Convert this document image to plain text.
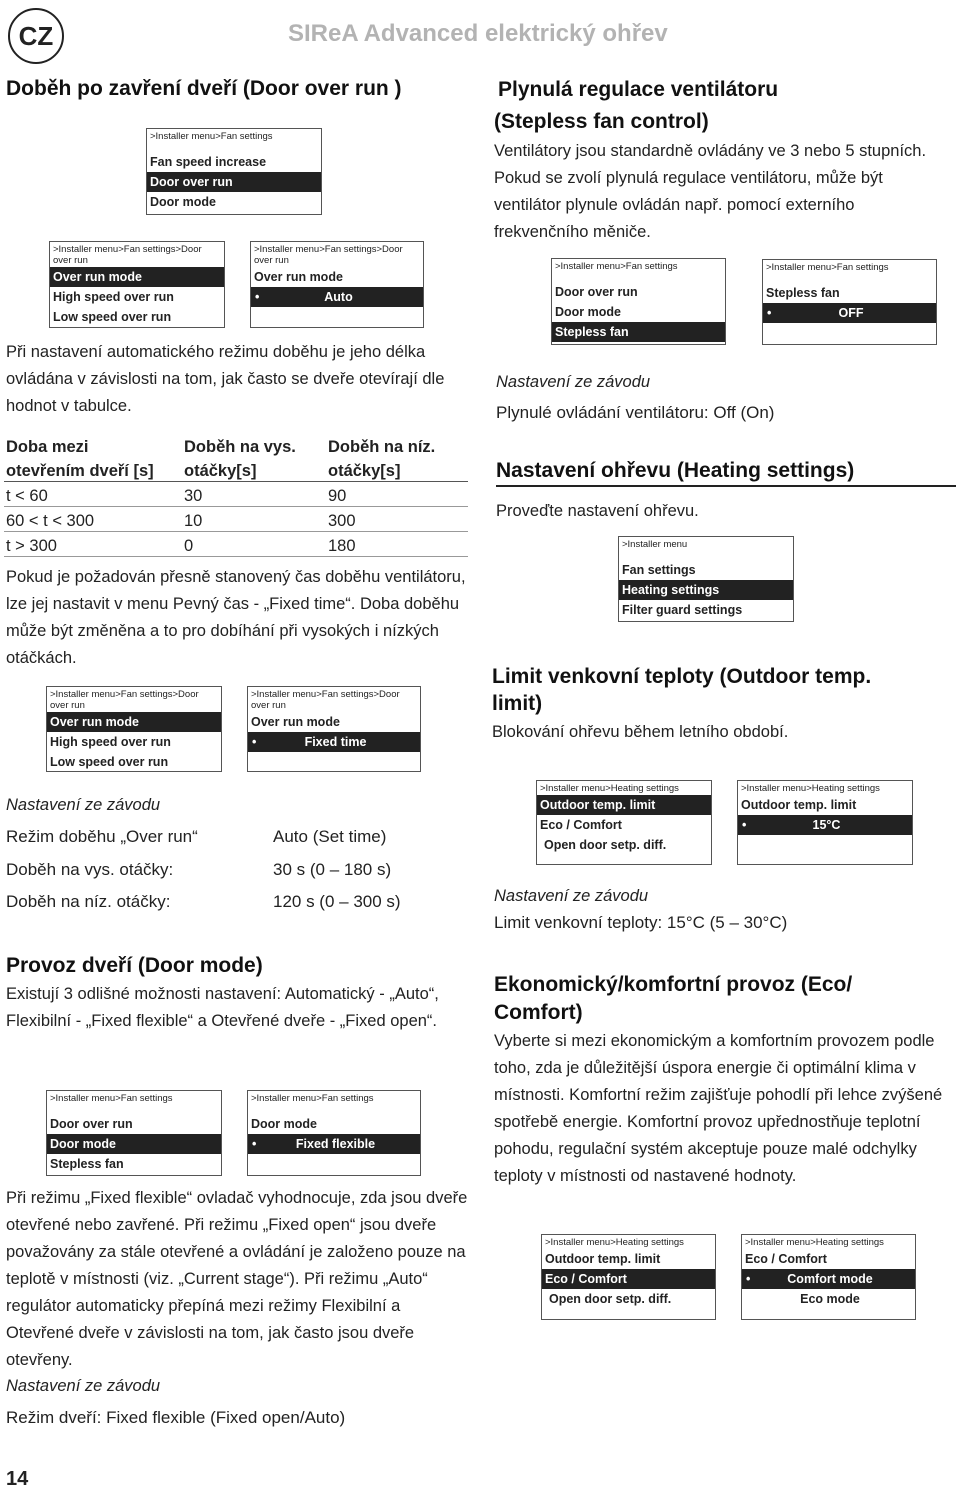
CZ	SIReA Advanced elektrický ohřev
Doběh po zavření dveří (Door over run )
>Installer menu>Fan settings
Fan speed increase
Door over run
Door mode
>Installer menu>Fan settings>Door over run
Over run mode
High speed over run
Low speed over run
>Installer menu>Fan settings>Door over run
Over run mode
• Auto
Při nastavení automatického režimu doběhu je jeho délka ovládána v závislosti na tom, jak často se dveře otevírají dle hodnot v tabulce.
Doba mezi	Doběh na vys.	Doběh na níz.
otevřením dveří [s]	otáčky[s]	otáčky[s]
t < 60	30	90
60 < t < 300	10	300
t > 300	0	180
Pokud je požadován přesně stanovený čas doběhu ventilátoru, lze jej nastavit v menu Pevný čas - „Fixed time“. Doba doběhu může být změněna a to pro dobíhání při vysokých i nízkých otáčkách.
>Installer menu>Fan settings>Door over run
Over run mode
High speed over run
Low speed over run
>Installer menu>Fan settings>Door over run
Over run mode
• Fixed time
Nastavení ze závodu
Režim doběhu „Over run“	Auto (Set time)
Doběh na vys. otáčky:	30 s (0 – 180 s)
Doběh na níz. otáčky:	120 s (0 – 300 s)
Provoz dveří (Door mode)
Existují 3 odlišné možnosti nastavení: Automatický - „Auto“, Flexibilní - „Fixed flexible“ a Otevřené dveře - „Fixed open“.
>Installer menu>Fan settings
Door over run
Door mode
Stepless fan
>Installer menu>Fan settings
Door mode
• Fixed flexible
Při režimu „Fixed flexible“ ovladač vyhodnocuje, zda jsou dveře otevřené nebo zavřené. Při režimu „Fixed open“ jsou dveře považovány za stále otevřené a ovládání je založeno pouze na teplotě v místnosti (viz. „Current stage“). Při režimu „Auto“ regulátor automaticky přepíná mezi režimy Flexibilní a Otevřené dveře v závislosti na tom, jak často jsou dveře otevřeny.
Nastavení ze závodu
Režim dveří: Fixed flexible (Fixed open/Auto)
Plynulá regulace ventilátoru
(Stepless fan control)
Ventilátory jsou standardně ovládány ve 3 nebo 5 stupních. Pokud se zvolí plynulá regulace ventilátoru, může být ventilátor plynule ovládán např. pomocí externího frekvenčního měniče.
>Installer menu>Fan settings
Door over run
Door mode
Stepless fan
>Installer menu>Fan settings
Stepless fan
• OFF
Nastavení ze závodu
Plynulé ovládání ventilátoru: Off (On)
Nastavení ohřevu (Heating settings)
Proveďte nastavení ohřevu.
>Installer menu
Fan settings
Heating settings
Filter guard settings
Limit venkovní teploty (Outdoor temp.
limit)
Blokování ohřevu během letního období.
>Installer menu>Heating settings
Outdoor temp. limit
Eco / Comfort
Open door setp. diff.
>Installer menu>Heating settings
Outdoor temp. limit
• 15°C
Nastavení ze závodu
Limit venkovní teploty: 15°C (5 – 30°C)
Ekonomický/komfortní provoz (Eco/
Comfort)
Vyberte si mezi ekonomickým a komfortním provozem podle toho, zda je důležitější úspora energie či optimální klima v místnosti. Komfortní režim zajišťuje pohodlí při lehce zvýšené spotřebě energie. Komfortní provoz upřednostňuje teplotní pohodu, regulační systém akceptuje pouze malé odchylky teploty v místnosti od nastavené hodnoty.
>Installer menu>Heating settings
Outdoor temp. limit
Eco / Comfort
Open door setp. diff.
>Installer menu>Heating settings
Eco / Comfort
• Comfort mode
Eco mode
14
